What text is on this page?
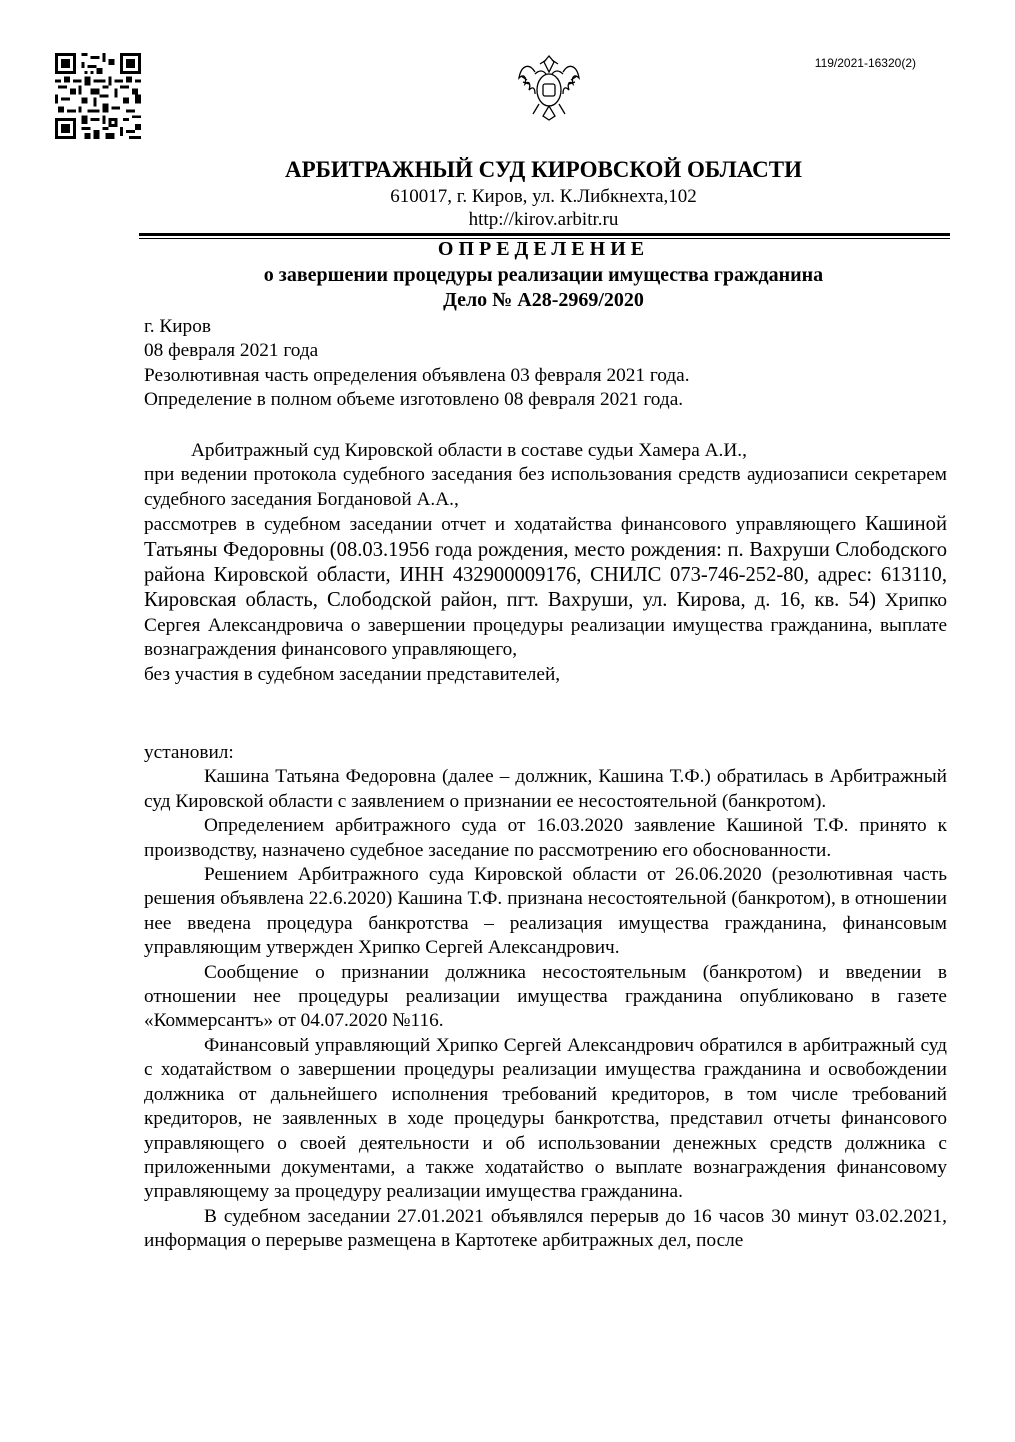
119/2021-16320(2)
АРБИТРАЖНЫЙ СУД КИРОВСКОЙ ОБЛАСТИ
610017, г. Киров, ул. К.Либкнехта,102
http://kirov.arbitr.ru
ОПРЕДЕЛЕНИЕ
о завершении процедуры реализации имущества гражданина
Дело № А28-2969/2020
г. Киров
08 февраля 2021 года
Резолютивная часть определения объявлена 03 февраля 2021 года.
Определение в полном объеме изготовлено 08 февраля 2021 года.
Арбитражный суд Кировской области в составе судьи Хамера А.И.,
при ведении протокола судебного заседания без использования средств аудиозаписи секретарем судебного заседания Богдановой А.А.,
рассмотрев в судебном заседании отчет и ходатайства финансового управляющего Кашиной Татьяны Федоровны (08.03.1956 года рождения, место рождения: п. Вахруши Слободского района Кировской области, ИНН 432900009176, СНИЛС 073-746-252-80, адрес: 613110, Кировская область, Слободской район, пгт. Вахруши, ул. Кирова, д. 16, кв. 54) Хрипко Сергея Александровича о завершении процедуры реализации имущества гражданина, выплате вознаграждения финансового управляющего,
без участия в судебном заседании представителей,
установил:
Кашина Татьяна Федоровна (далее – должник, Кашина Т.Ф.) обратилась в Арбитражный суд Кировской области с заявлением о признании ее несостоятельной (банкротом).
Определением арбитражного суда от 16.03.2020 заявление Кашиной Т.Ф. принято к производству, назначено судебное заседание по рассмотрению его обоснованности.
Решением Арбитражного суда Кировской области от 26.06.2020 (резолютивная часть решения объявлена 22.6.2020) Кашина Т.Ф. признана несостоятельной (банкротом), в отношении нее введена процедура банкротства – реализация имущества гражданина, финансовым управляющим утвержден Хрипко Сергей Александрович.
Сообщение о признании должника несостоятельным (банкротом) и введении в отношении нее процедуры реализации имущества гражданина опубликовано в газете «Коммерсантъ» от 04.07.2020 №116.
Финансовый управляющий Хрипко Сергей Александрович обратился в арбитражный суд с ходатайством о завершении процедуры реализации имущества гражданина и освобождении должника от дальнейшего исполнения требований кредиторов, в том числе требований кредиторов, не заявленных в ходе процедуры банкротства, представил отчеты финансового управляющего о своей деятельности и об использовании денежных средств должника с приложенными документами, а также ходатайство о выплате вознаграждения финансовому управляющему за процедуру реализации имущества гражданина.
В судебном заседании 27.01.2021 объявлялся перерыв до 16 часов 30 минут 03.02.2021, информация о перерыве размещена в Картотеке арбитражных дел, после
